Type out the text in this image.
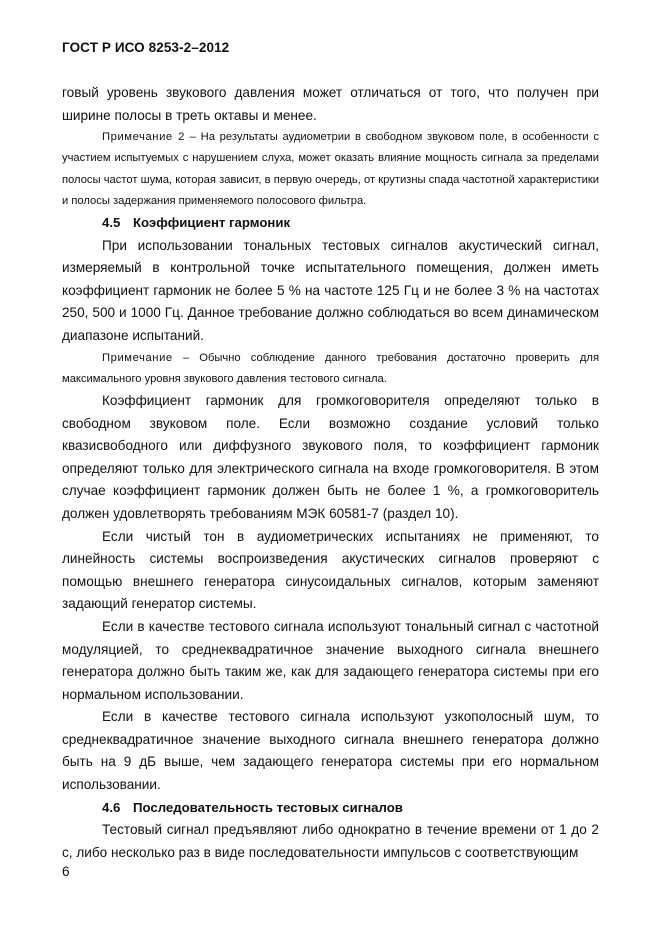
ГОСТ Р ИСО 8253-2–2012

говый уровень звукового давления может отличаться от того, что получен при ширине полосы в треть октавы и менее.

Примечание 2 – На результаты аудиометрии в свободном звуковом поле, в особенности с участием испытуемых с нарушением слуха, может оказать влияние мощность сигнала за пределами полосы частот шума, которая зависит, в первую очередь, от крутизны спада частотной характеристики и полосы задержания применяемого полосового фильтра.

4.5 Коэффициент гармоник

При использовании тональных тестовых сигналов акустический сигнал, измеряемый в контрольной точке испытательного помещения, должен иметь коэффициент гармоник не более 5 % на частоте 125 Гц и не более 3 % на частотах 250, 500 и 1000 Гц. Данное требование должно соблюдаться во всем динамическом диапазоне испытаний.

Примечание – Обычно соблюдение данного требования достаточно проверить для максимального уровня звукового давления тестового сигнала.

Коэффициент гармоник для громкоговорителя определяют только в свободном звуковом поле. Если возможно создание условий только квазисвободного или диффузного звукового поля, то коэффициент гармоник определяют только для электрического сигнала на входе громкоговорителя. В этом случае коэффициент гармоник должен быть не более 1 %, а громкоговоритель должен удовлетворять требованиям МЭК 60581-7 (раздел 10).

Если чистый тон в аудиометрических испытаниях не применяют, то линейность системы воспроизведения акустических сигналов проверяют с помощью внешнего генератора синусоидальных сигналов, которым заменяют задающий генератор системы.

Если в качестве тестового сигнала используют тональный сигнал с частотной модуляцией, то среднеквадратичное значение выходного сигнала внешнего генератора должно быть таким же, как для задающего генератора системы при его нормальном использовании.

Если в качестве тестового сигнала используют узкополосный шум, то среднеквадратичное значение выходного сигнала внешнего генератора должно быть на 9 дБ выше, чем задающего генератора системы при его нормальном использовании.

4.6 Последовательность тестовых сигналов

Тестовый сигнал предъявляют либо однократно в течение времени от 1 до 2 с, либо несколько раз в виде последовательности импульсов с соответствующим

6
